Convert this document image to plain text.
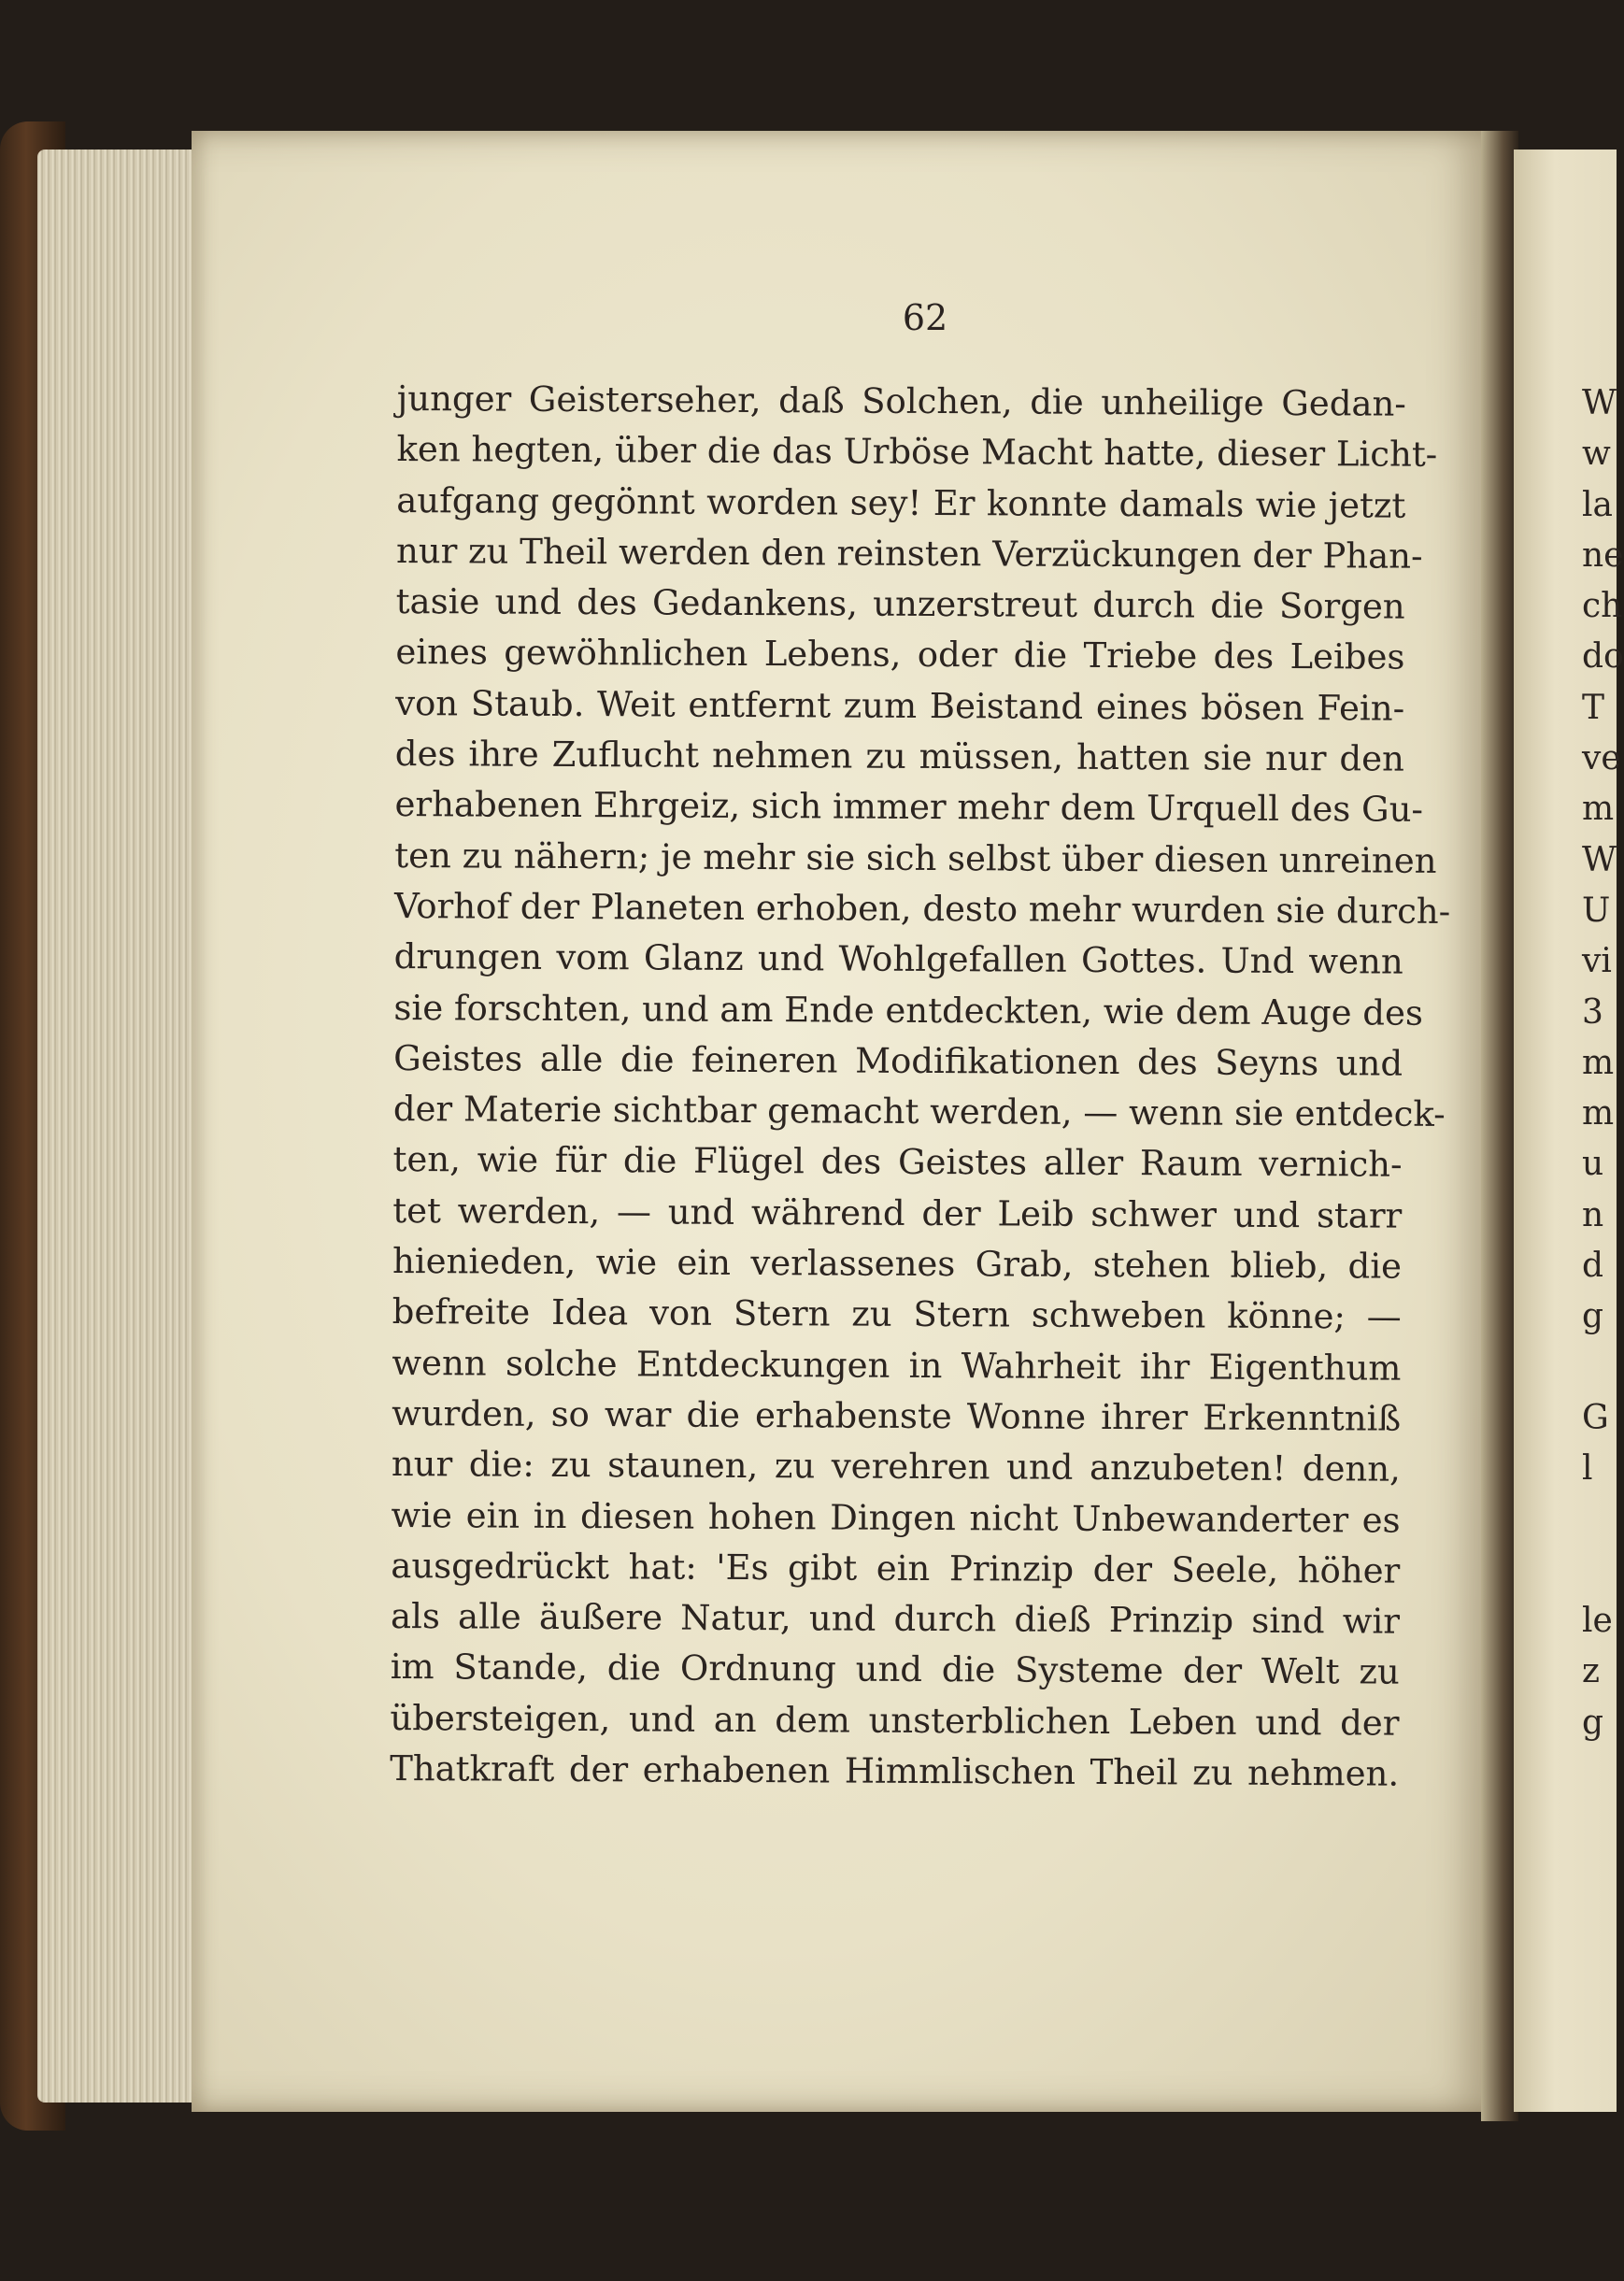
62
junger Geisterseher, daß Solchen, die unheilige Gedan-
ken hegten, über die das Urböse Macht hatte, dieser Licht-
aufgang gegönnt worden sey! Er konnte damals wie jetzt
nur zu Theil werden den reinsten Verzückungen der Phan-
tasie und des Gedankens, unzerstreut durch die Sorgen
eines gewöhnlichen Lebens, oder die Triebe des Leibes
von Staub. Weit entfernt zum Beistand eines bösen Fein-
des ihre Zuflucht nehmen zu müssen, hatten sie nur den
erhabenen Ehrgeiz, sich immer mehr dem Urquell des Gu-
ten zu nähern; je mehr sie sich selbst über diesen unreinen
Vorhof der Planeten erhoben, desto mehr wurden sie durch-
drungen vom Glanz und Wohlgefallen Gottes. Und wenn
sie forschten, und am Ende entdeckten, wie dem Auge des
Geistes alle die feineren Modifikationen des Seyns und
der Materie sichtbar gemacht werden, — wenn sie entdeck-
ten, wie für die Flügel des Geistes aller Raum vernich-
tet werden, — und während der Leib schwer und starr
hienieden, wie ein verlassenes Grab, stehen blieb, die
befreite Idea von Stern zu Stern schweben könne; —
wenn solche Entdeckungen in Wahrheit ihr Eigenthum
wurden, so war die erhabenste Wonne ihrer Erkenntniß
nur die: zu staunen, zu verehren und anzubeten! denn,
wie ein in diesen hohen Dingen nicht Unbewanderter es
ausgedrückt hat: 'Es gibt ein Prinzip der Seele, höher
als alle äußere Natur, und durch dieß Prinzip sind wir
im Stande, die Ordnung und die Systeme der Welt zu
übersteigen, und an dem unsterblichen Leben und der
Thatkraft der erhabenen Himmlischen Theil zu nehmen.
W
w
la
ne
ch
do
T
ve
m
W
U
vi
3
m
m
u
n
d
g
G
l
le
z
g
